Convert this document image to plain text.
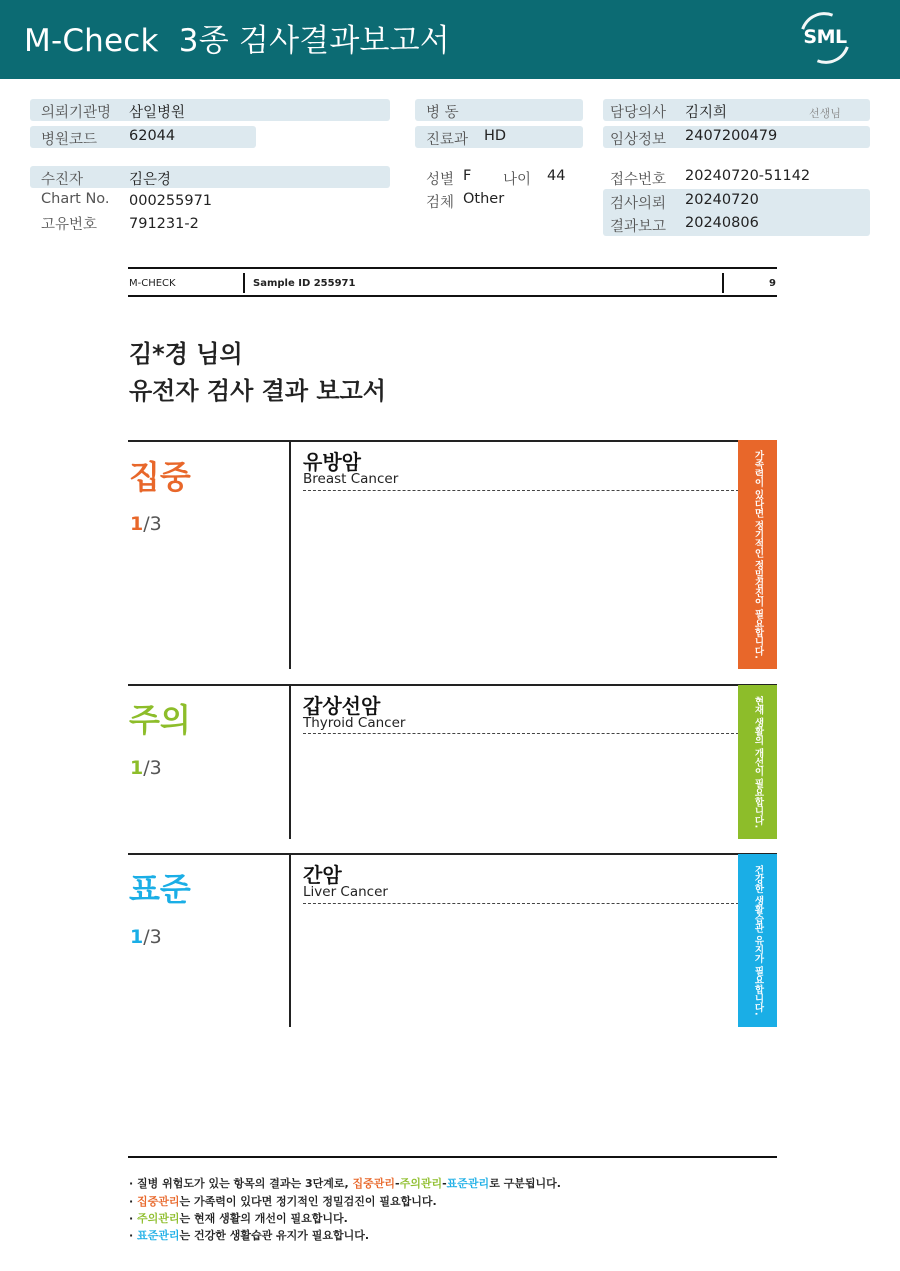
M-Check  3종 검사결과보고서	SML
의뢰기관명 삼일병원	병 동	담당의사 김지희	선생님
병원코드 62044	진료과 HD	임상정보 2407200479
수진자	김은경	성별 F 나이 44	접수번호 20240720-51142
Chart No. 000255971	검체 Other	검사의뢰 20240720
고유번호 791231-2	결과보고 20240806
M-CHECK	Sample ID 255971	9
김*경 님의
유전자 검사 결과 보고서
집중
1/3
유방암
Breast Cancer	가족력이 있다면 정기적인 정밀검진이 필요합니다.
주의
1/3
갑상선암
Thyroid Cancer	현재 생활의 개선이 필요합니다.
표준
1/3
간암
Liver Cancer	건강한 생활습관 유지가 필요합니다.
· 질병 위험도가 있는 항목의 결과는 3단계로, 집중관리-주의관리-표준관리로 구분됩니다.
· 집중관리는 가족력이 있다면 정기적인 정밀검진이 필요합니다.
· 주의관리는 현재 생활의 개선이 필요합니다.
· 표준관리는 건강한 생활습관 유지가 필요합니다.
